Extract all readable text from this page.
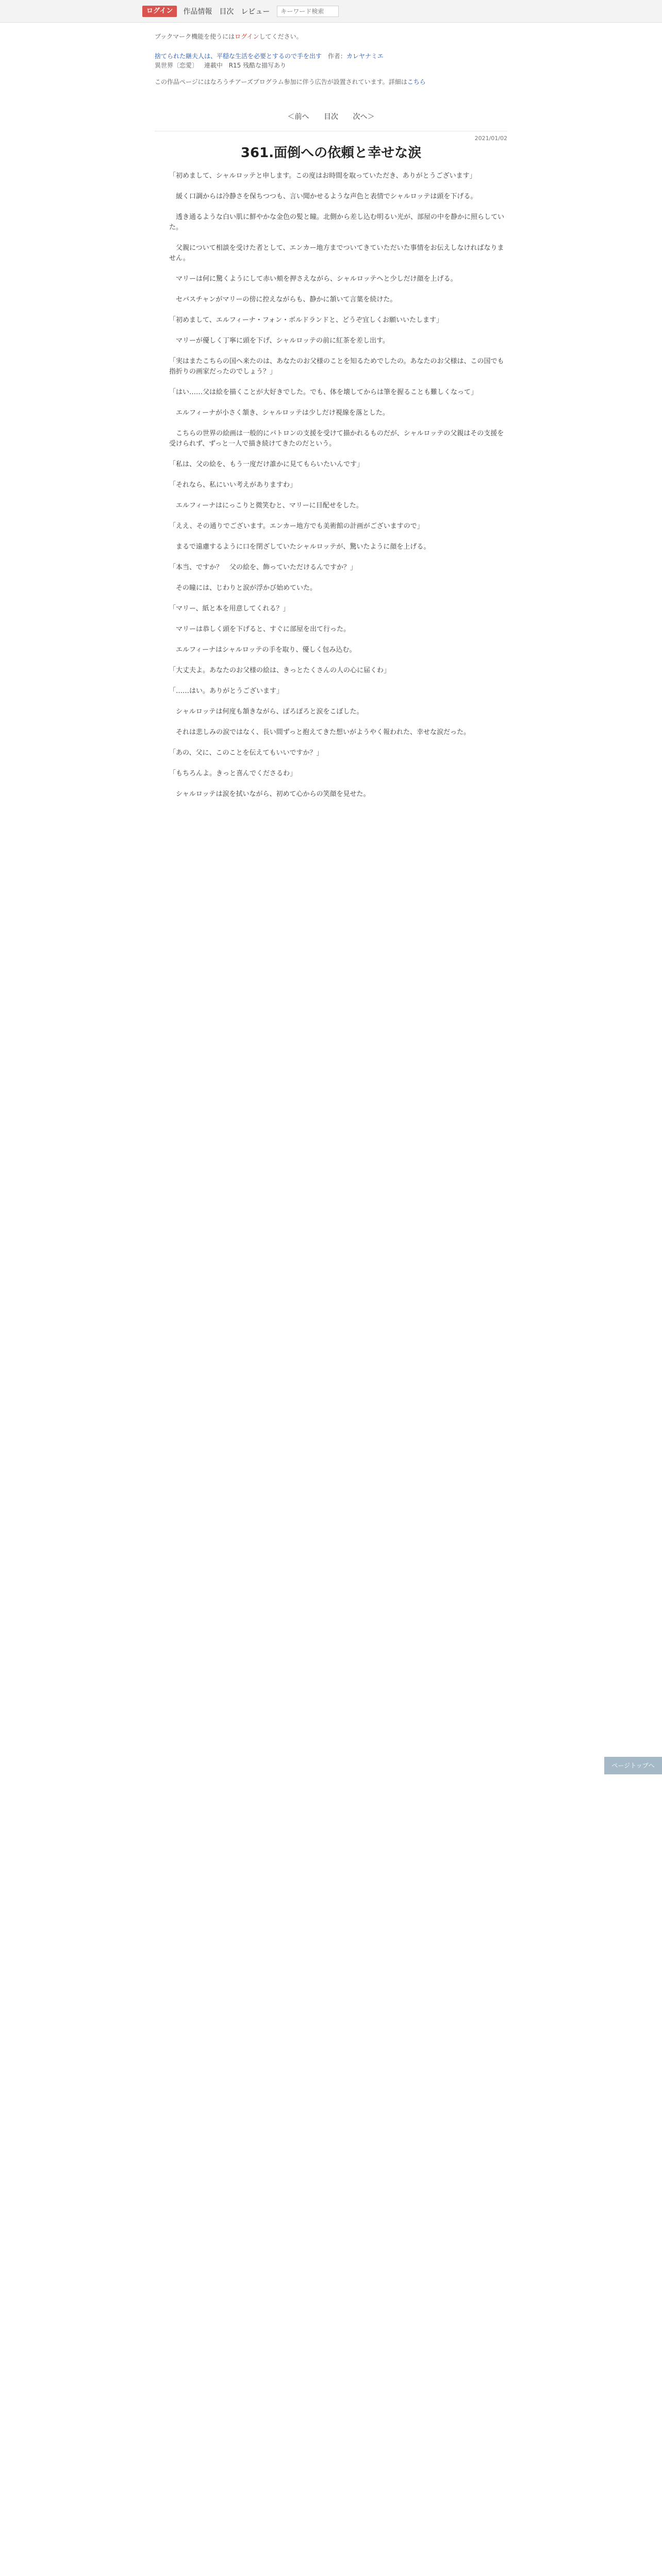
ログイン	作品情報 目次 レビュー
キーワード検索
ブックマーク機能を使うにはログインしてください。
捨てられた継夫人は、平穏な生活を必要とするので手を出す 作者：カレヤナミエ
異世界〔恋愛〕 連載中 R15 残酷な描写あり
この作品ページにはなろうチアーズプログラム参加に伴う広告が設置されています。詳細はこちら
＜前へ 目次 次へ＞
2021/01/02
361.面倒への依頼と幸せな涙

「初めまして、シャルロッテと申します。この度はお時間を取っていただき、ありがとうございます」

　緩く口調からは冷静さを保ちつつも、言い聞かせるような声色と表情でシャルロッテは頭を下げる。

　透き通るような白い肌に鮮やかな金色の髪と瞳。北側から差し込む明るい光が、部屋の中を静かに照らしていた。

　父親について相談を受けた者として、エンカー地方までついてきていただいた事情をお伝えしなければなりません。

　マリーは何に驚くようにして赤い頬を押さえながら、シャルロッテへと少しだけ顔を上げる。

　セバスチャンがマリーの傍に控えながらも、静かに頷いて言葉を続けた。

「初めまして、エルフィーナ・フォン・ボルドランドと、どうぞ宜しくお願いいたします」

　マリーが優しく丁寧に頭を下げ、シャルロッテの前に紅茶を差し出す。

「実はまたこちらの国へ来たのは、あなたのお父様のことを知るためでしたの。あなたのお父様は、この国でも指折りの画家だったのでしょう？」

「はい……父は絵を描くことが大好きでした。でも、体を壊してからは筆を握ることも難しくなって」

　エルフィーナが小さく頷き、シャルロッテは少しだけ視線を落とした。

　こちらの世界の絵画は一般的にパトロンの支援を受けて描かれるものだが、シャルロッテの父親はその支援を受けられず、ずっと一人で描き続けてきたのだという。

「私は、父の絵を、もう一度だけ誰かに見てもらいたいんです」

「それなら、私にいい考えがありますわ」

　エルフィーナはにっこりと微笑むと、マリーに目配せをした。

「ええ、その通りでございます。エンカー地方でも美術館の計画がございますので」

　まるで遠慮するように口を閉ざしていたシャルロッテが、驚いたように顔を上げる。

「本当、ですか？　父の絵を、飾っていただけるんですか？」

　その瞳には、じわりと涙が浮かび始めていた。

「マリー、紙と本を用意してくれる？」

　マリーは恭しく頭を下げると、すぐに部屋を出て行った。

　エルフィーナはシャルロッテの手を取り、優しく包み込む。

「大丈夫よ。あなたのお父様の絵は、きっとたくさんの人の心に届くわ」

「……はい。ありがとうございます」

　シャルロッテは何度も頷きながら、ぽろぽろと涙をこぼした。

　それは悲しみの涙ではなく、長い間ずっと抱えてきた想いがようやく報われた、幸せな涙だった。

「あの、父に、このことを伝えてもいいですか？」

「もちろんよ。きっと喜んでくださるわ」

　シャルロッテは涙を拭いながら、初めて心からの笑顔を見せた。

ページトップへ
